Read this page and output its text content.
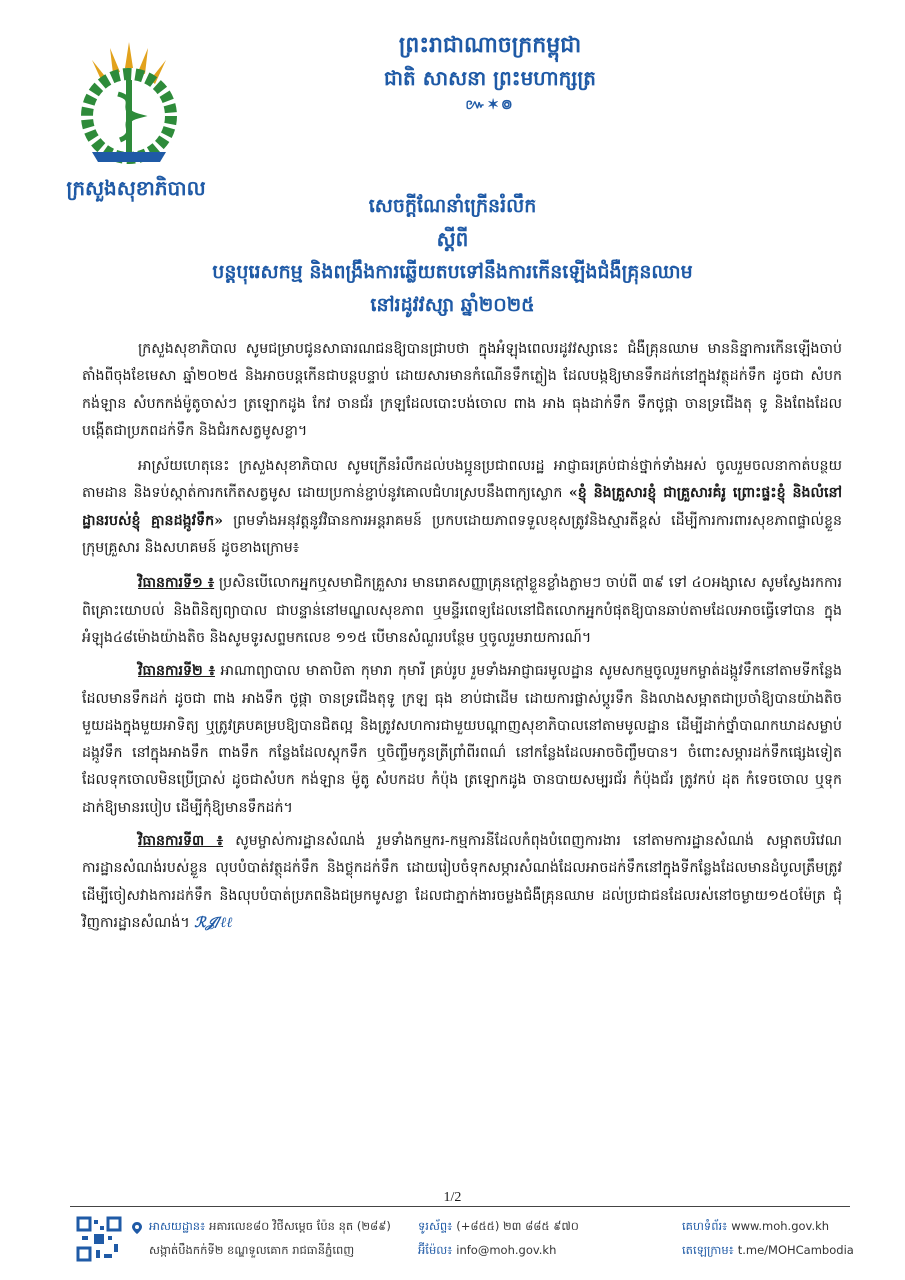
ក្រសួងសុខាភិបាល
ព្រះរាជាណាចក្រកម្ពុជា
ជាតិ សាសនា ព្រះមហាក្សត្រ
៚✶៙
សេចក្តីណែនាំក្រើនរំលឹក
ស្តីពី
បន្តបុរេសកម្ម និងពង្រឹងការឆ្លើយតបទៅនឹងការកើនឡើងជំងឺគ្រុនឈាម
នៅរដូវវស្សា ឆ្នាំ២០២៥

ក្រសួងសុខាភិបាល សូមជម្រាបជូនសាធារណជនឱ្យបានជ្រាបថា ក្នុងអំឡុងពេលរដូវវស្សានេះ ជំងឺគ្រុនឈាម មាននិន្នាការកើនឡើងចាប់តាំងពីចុងខែមេសា ឆ្នាំ២០២៥ និងអាចបន្តកើនជាបន្តបន្ទាប់ ដោយសារមានកំណើនទឹកភ្លៀង ដែលបង្កឱ្យមានទឹកដក់នៅក្នុងវត្ថុដក់ទឹក ដូចជា សំបកកង់ឡាន សំបកកង់ម៉ូតូចាស់ៗ ត្រឡោកដូង កែវ ចានជ័រ ក្រឡដែលបោះបង់ចោល ពាង អាង ធុងដាក់ទឹក ទឹកថូផ្កា ចានទ្រជើងតុ ទូ និងពែងដែលបង្កើតជាប្រភពដក់ទឹក និងជំរកសត្វមូសខ្លា។

អាស្រ័យហេតុនេះ ក្រសួងសុខាភិបាល សូមក្រើនរំលឹកដល់បងប្អូនប្រជាពលរដ្ឋ អាជ្ញាធរគ្រប់ជាន់ថ្នាក់ទាំងអស់ ចូលរួមចលនាកាត់បន្ថយ តាមដាន និងទប់ស្កាត់ការកកើតសត្វមូស ដោយប្រកាន់ខ្ជាប់នូវគោលជំហរស្របនឹងពាក្យស្លោក «ខ្ញុំ និងគ្រួសារខ្ញុំ ជាគ្រួសារគំរូ ព្រោះផ្ទះខ្ញុំ និងលំនៅដ្ឋានរបស់ខ្ញុំ គ្មានដង្កូវទឹក» ព្រមទាំងអនុវត្តនូវវិធានការអន្តរាគមន៍ ប្រកបដោយភាពទទួលខុសត្រូវនិងស្មារតីខ្ពស់ ដើម្បីការការពារសុខភាពផ្ទាល់ខ្លួន ក្រុមគ្រួសារ និងសហគមន៍ ដូចខាងក្រោម៖

វិធានការទី១ ៖ ប្រសិនបើលោកអ្នកឬសមាជិកគ្រួសារ មានរោគសញ្ញាគ្រុនក្តៅខ្លួនខ្លាំងភ្លាមៗ ចាប់ពី ៣៩ ទៅ ៤០អង្សាសេ សូមស្វែងរកការពិគ្រោះយោបល់ និងពិនិត្យព្យាបាល ជាបន្ទាន់នៅមណ្ឌលសុខភាព ឬមន្ទីរពេទ្យដែលនៅជិតលោកអ្នកបំផុតឱ្យបានឆាប់តាមដែលអាចធ្វើទៅបាន ក្នុងអំឡុង៤៨ម៉ោងយ៉ាងតិច និងសូមទូរសព្ទមកលេខ ១១៥ បើមានសំណួរបន្ថែម ឬចូលរួមរាយការណ៍។

វិធានការទី២ ៖ អាណាព្យាបាល មាតាបិតា កុមារា កុមារី គ្រប់រូប រួមទាំងអាជ្ញាធរមូលដ្ឋាន សូមសកម្មចូលរួមកម្ចាត់ដង្កូវទឹកនៅតាមទីកន្លែងដែលមានទឹកដក់ ដូចជា ពាង អាងទឹក ថូផ្កា ចានទ្រជើងតុទូ ក្រឡ ធុង ខាប់ជាដើម ដោយការផ្លាស់ប្តូរទឹក និងលាងសម្អាតជាប្រចាំឱ្យបានយ៉ាងតិចមួយដងក្នុងមួយអាទិត្យ ឬត្រូវគ្របគម្របឱ្យបានជិតល្អ និងត្រូវសហការជាមួយបណ្តាញសុខាភិបាលនៅតាមមូលដ្ឋាន ដើម្បីដាក់ថ្នាំបាណកឃាដសម្លាប់ដង្កូវទឹក នៅក្នុងអាងទឹក ពាងទឹក កន្លែងដែលស្តុកទឹក ឬចិញ្ចឹមកូនត្រីព្រាំពីរពណ៌ នៅកន្លែងដែលអាចចិញ្ចឹមបាន។ ចំពោះសម្ភារដក់ទឹកផ្សេងទៀត ដែលទុកចោលមិនប្រើប្រាស់ ដូចជាសំបក កង់ឡាន ម៉ូតូ សំបកដប កំប៉ុង ត្រឡោកដូង ចានបាយសម្បរជ័រ កំប៉ុងជ័រ ត្រូវកប់ ដុត កំទេចចោល ឬទុកដាក់ឱ្យមានរបៀប ដើម្បីកុំឱ្យមានទឹកដក់។

វិធានការទី៣ ៖ សូមម្ចាស់ការដ្ឋានសំណង់ រួមទាំងកម្មករ-កម្មការនីដែលកំពុងបំពេញការងារ នៅតាមការដ្ឋានសំណង់ សម្អាតបរិវេណការដ្ឋានសំណង់របស់ខ្លួន លុបបំបាត់វត្ថុដក់ទឹក និងថ្លុកដក់ទឹក ដោយរៀបចំទុកសម្ភារសំណង់ដែលអាចដក់ទឹកនៅក្នុងទីកន្លែងដែលមានដំបូលត្រឹមត្រូវ ដើម្បីចៀសវាងការដក់ទឹក និងលុបបំបាត់ប្រភពនិងជម្រកមូសខ្លា ដែលជាភ្នាក់ងារចម្លងជំងឺគ្រុនឈាម ដល់ប្រជាជនដែលរស់នៅចម្ងាយ១៥០ម៉ែត្រ ជុំវិញការដ្ឋានសំណង់។ ℛ𝒥/ℓℓ

1/2
អាសយដ្ឋាន៖ អគារលេខ៨០ វិថីសម្តេច ប៉ែន នុត (២៨៩)
សង្កាត់បឹងកក់ទី២ ខណ្ឌទួលគោក រាជធានីភ្នំពេញ
ទូរស័ព្ទ៖ (+៨៥៥) ២៣ ៨៨៥ ៩៧០
អ៊ីម៉ែល៖ info@moh.gov.kh
គេហទំព័រ៖ www.moh.gov.kh
តេឡេក្រាម៖ t.me/MOHCambodia
